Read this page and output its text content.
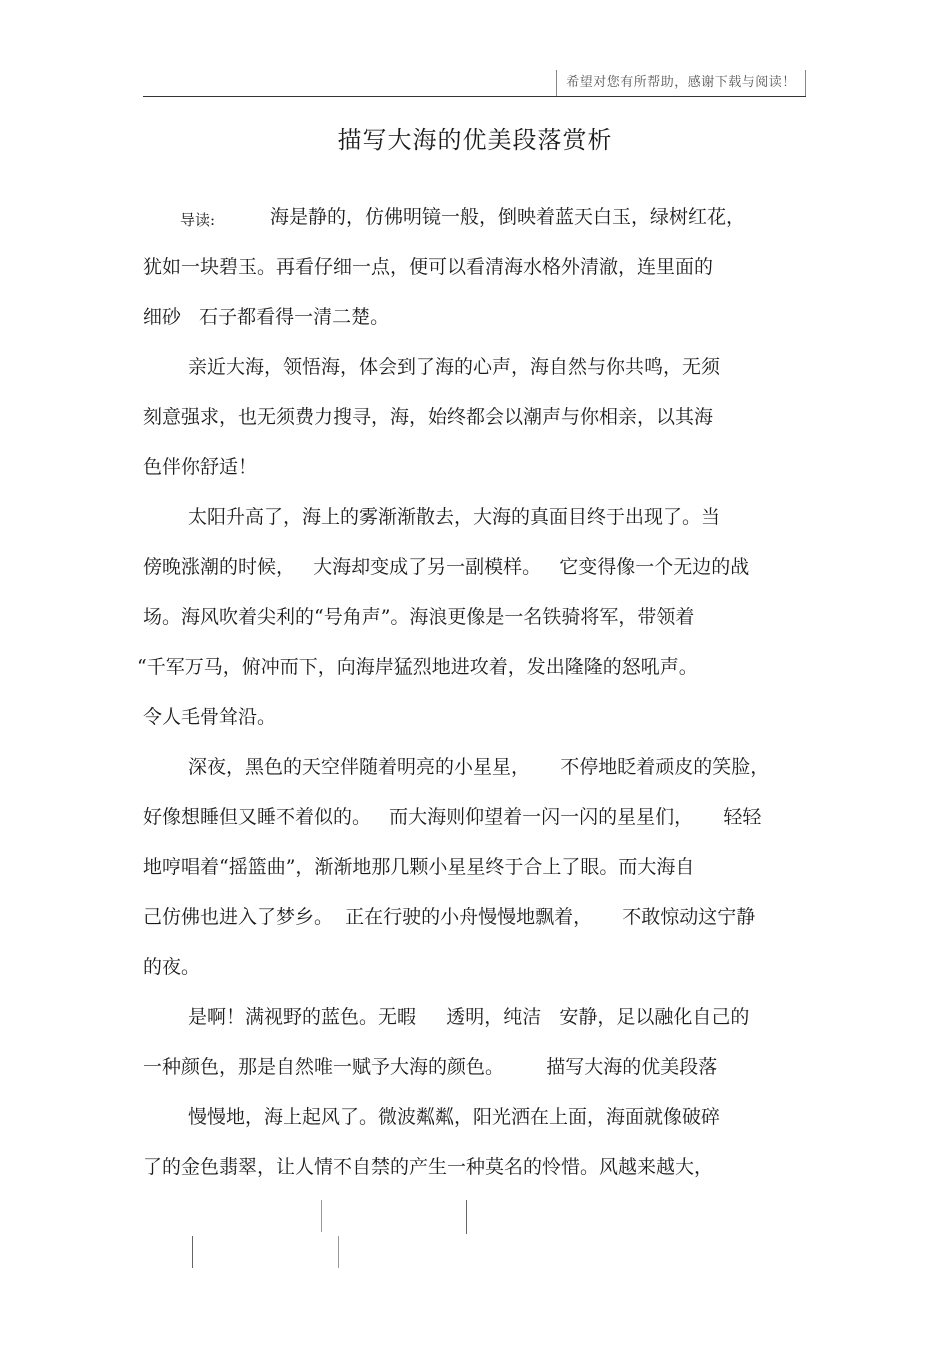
希望对您有所帮助，感谢下载与阅读！
描写大海的优美段落赏析
导读:	海是静的，仿佛明镜一般，倒映着蓝天白玉，绿树红花，
犹如一块碧玉。再看仔细一点，便可以看清海水格外清澈，连里面的
细砂   石子都看得一清二楚。
亲近大海，领悟海，体会到了海的心声，海自然与你共鸣，无须
刻意强求，也无须费力搜寻，海，始终都会以潮声与你相亲，以其海
色伴你舒适！
太阳升高了，海上的雾渐渐散去，大海的真面目终于出现了。当
傍晚涨潮的时候，   大海却变成了另一副模样。   它变得像一个无边的战
场。海风吹着尖利的“号角声”。海浪更像是一名铁骑将军，带领着
“千军万马，俯冲而下，向海岸猛烈地进攻着，发出隆隆的怒吼声。
令人毛骨耸沿。
深夜，黑色的天空伴随着明亮的小星星，     不停地眨着顽皮的笑脸，
好像想睡但又睡不着似的。   而大海则仰望着一闪一闪的星星们，     轻轻
地哼唱着“摇篮曲”，渐渐地那几颗小星星终于合上了眼。而大海自
己仿佛也进入了梦乡。  正在行驶的小舟慢慢地飘着，     不敢惊动这宁静
的夜。
是啊！满视野的蓝色。无暇     透明，纯洁   安静，足以融化自己的
一种颜色，那是自然唯一赋予大海的颜色。       描写大海的优美段落
慢慢地，海上起风了。微波粼粼，阳光洒在上面，海面就像破碎
了的金色翡翠，让人情不自禁的产生一种莫名的怜惜。风越来越大，
